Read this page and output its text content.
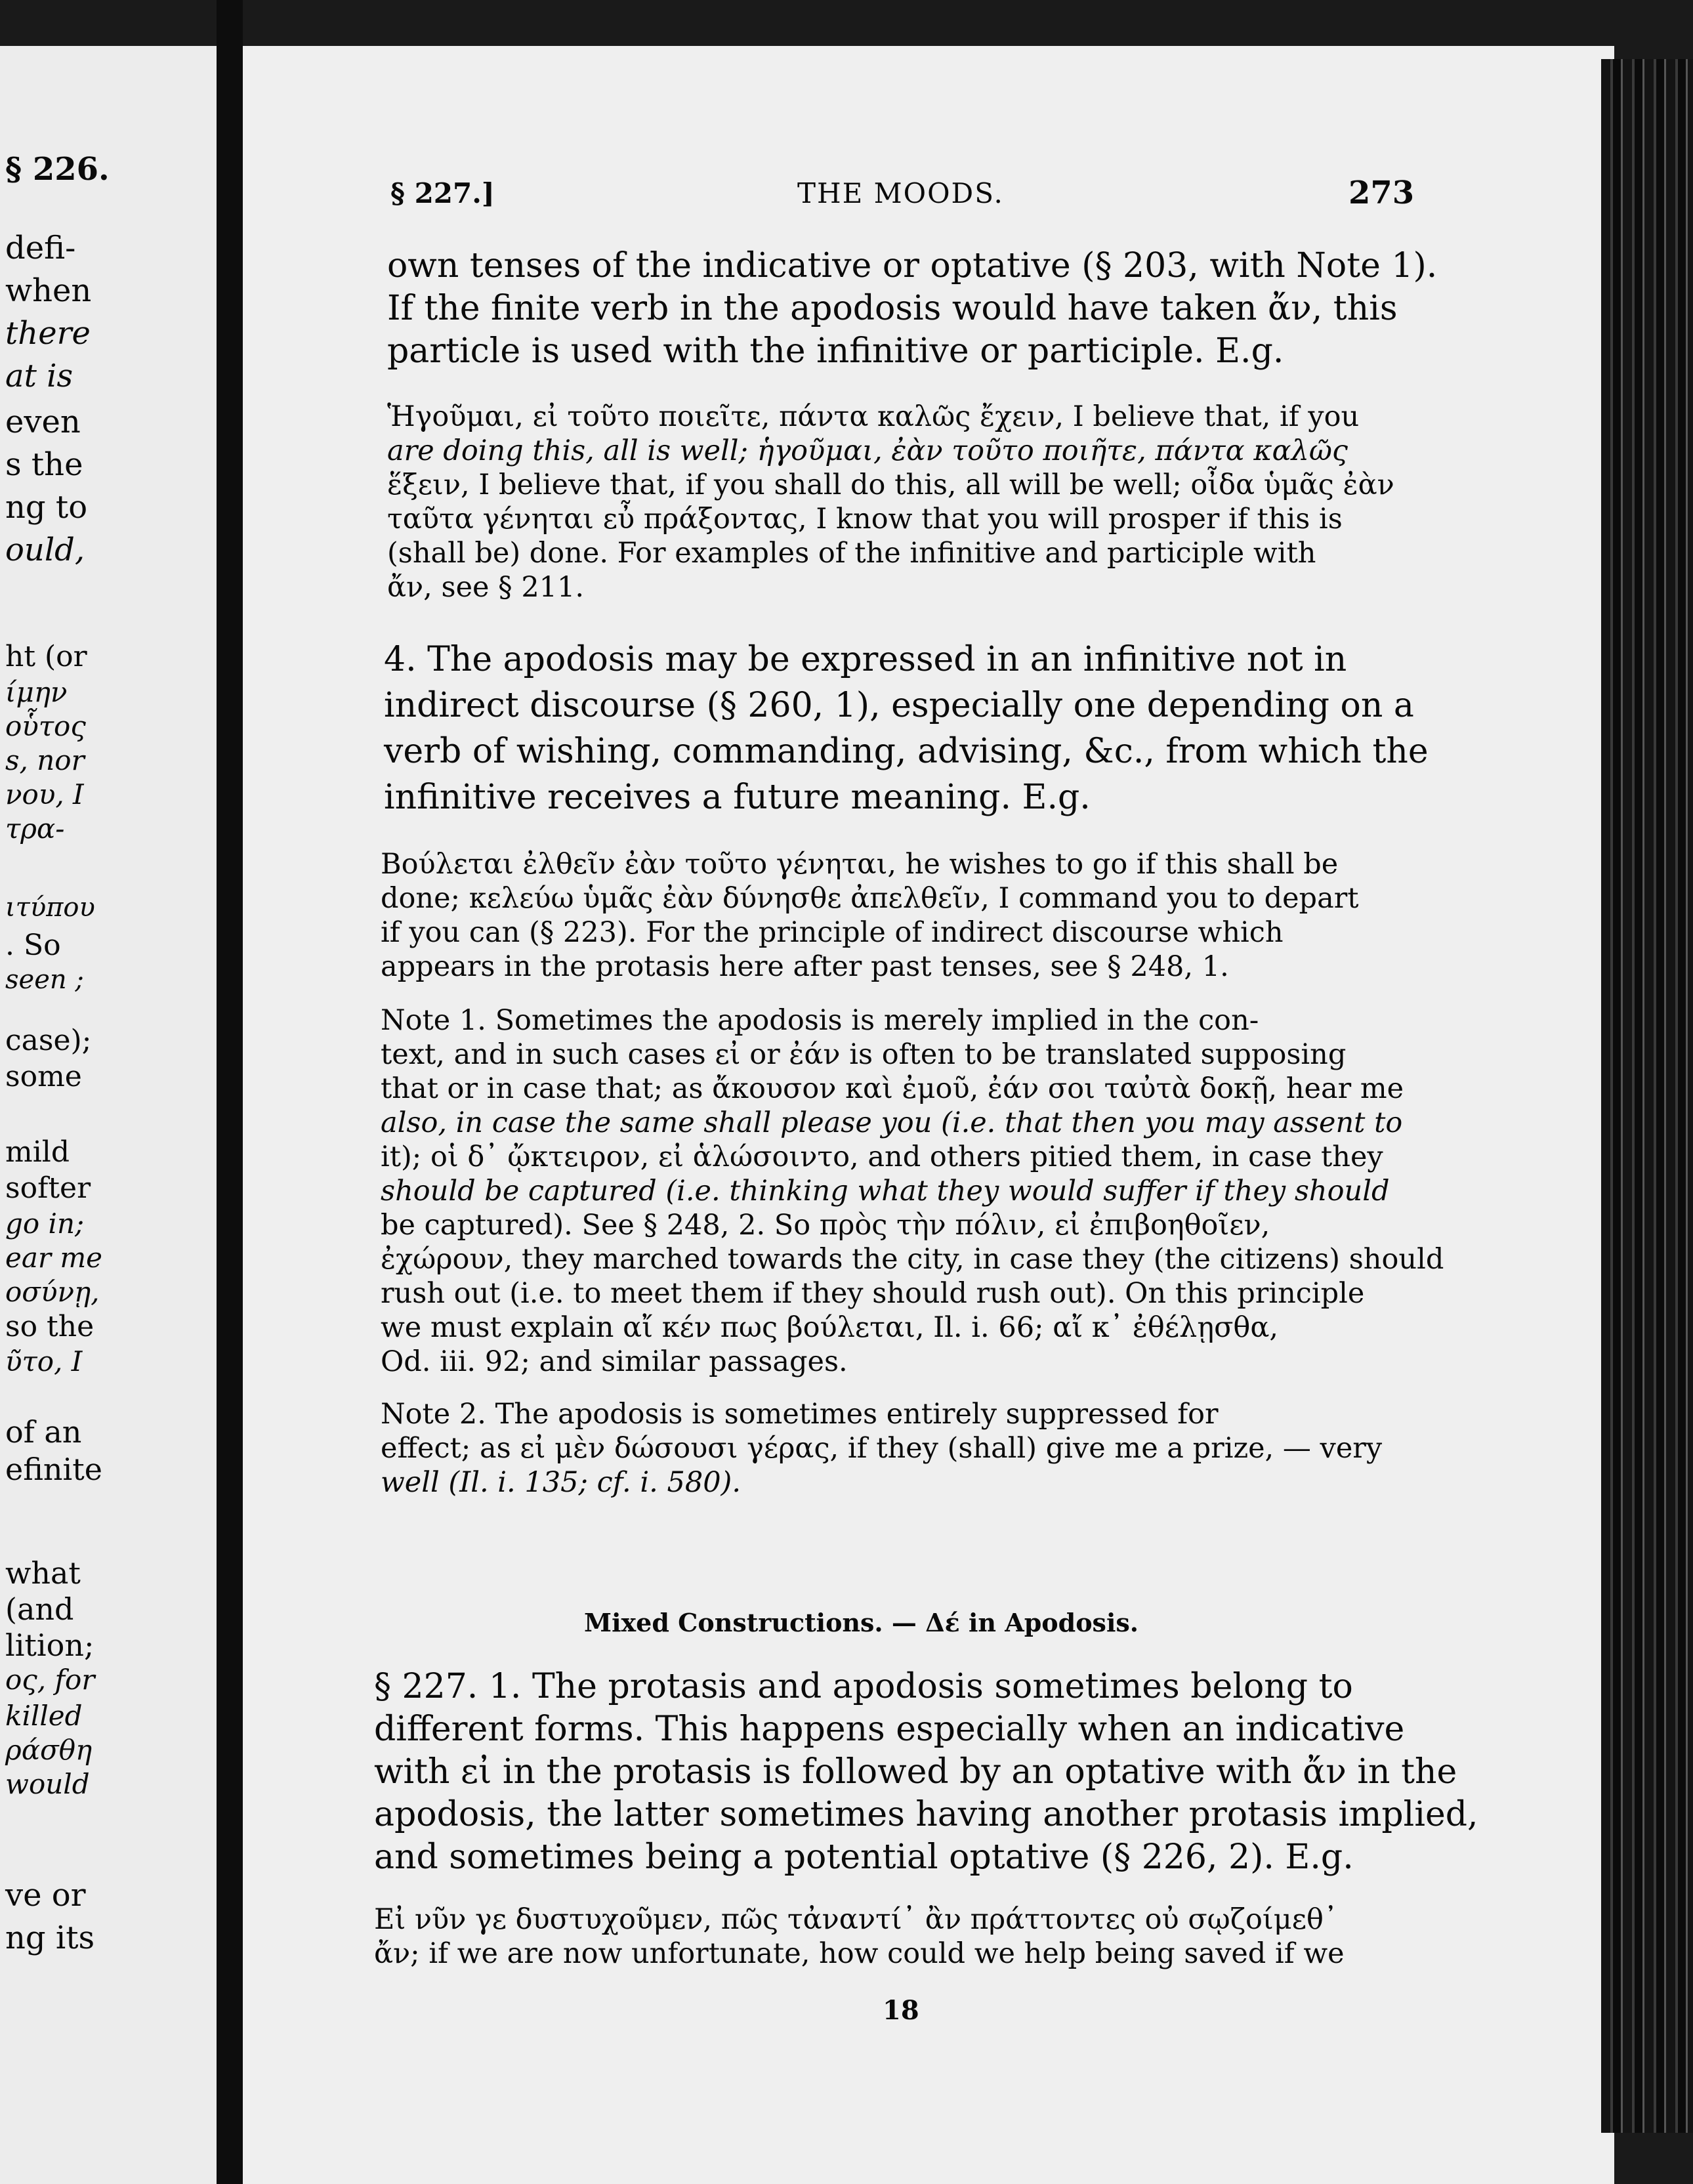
§ 226.
defi-
when
there
at is
even
s the
ng to
ould,
ht (or
ίμην
οὗτος
s, nor
νου, I
τρα-
ιτύπου
. So
seen ;
case);
some
mild
softer
go in;
ear me
οσύνῃ,
so the
ῦτο, I
of an
efinite
what
(and
lition;
ος, for
killed
ράσθη
would
ve or
ng its
§ 227.]	THE MOODS.	273
own tenses of the indicative or optative (§ 203, with Note 1).
If the finite verb in the apodosis would have taken ἄν, this
particle is used with the infinitive or participle. E.g.
Ἡγοῦμαι, εἰ τοῦτο ποιεῖτε, πάντα καλῶς ἔχειν, I believe that, if you
are doing this, all is well; ἡγοῦμαι, ἐὰν τοῦτο ποιῆτε, πάντα καλῶς
ἕξειν, I believe that, if you shall do this, all will be well; οἶδα ὑμᾶς ἐὰν
ταῦτα γένηται εὖ πράξοντας, I know that you will prosper if this is
(shall be) done. For examples of the infinitive and participle with
ἄν, see § 211.
4. The apodosis may be expressed in an infinitive not in
indirect discourse (§ 260, 1), especially one depending on a
verb of wishing, commanding, advising, &c., from which the
infinitive receives a future meaning. E.g.
Βούλεται ἐλθεῖν ἐὰν τοῦτο γένηται, he wishes to go if this shall be
done; κελεύω ὑμᾶς ἐὰν δύνησθε ἀπελθεῖν, I command you to depart
if you can (§ 223). For the principle of indirect discourse which
appears in the protasis here after past tenses, see § 248, 1.
Note 1. Sometimes the apodosis is merely implied in the con-
text, and in such cases εἰ or ἐάν is often to be translated supposing
that or in case that; as ἄκουσον καὶ ἐμοῦ, ἐάν σοι ταὐτὰ δοκῇ, hear me
also, in case the same shall please you (i.e. that then you may assent to
it); οἱ δ᾽ ᾤκτειρον, εἰ ἁλώσοιντο, and others pitied them, in case they
should be captured (i.e. thinking what they would suffer if they should
be captured). See § 248, 2. So πρὸς τὴν πόλιν, εἰ ἐπιβοηθοῖεν,
ἐχώρουν, they marched towards the city, in case they (the citizens) should
rush out (i.e. to meet them if they should rush out). On this principle
we must explain αἴ κέν πως βούλεται, Il. i. 66; αἴ κ᾽ ἐθέλῃσθα,
Od. iii. 92; and similar passages.
Note 2. The apodosis is sometimes entirely suppressed for
effect; as εἰ μὲν δώσουσι γέρας, if they (shall) give me a prize, — very
well (Il. i. 135; cf. i. 580).
Mixed Constructions. — Δέ in Apodosis.
§ 227. 1. The protasis and apodosis sometimes belong to
different forms. This happens especially when an indicative
with εἰ in the protasis is followed by an optative with ἄν in the
apodosis, the latter sometimes having another protasis implied,
and sometimes being a potential optative (§ 226, 2). E.g.
Εἰ νῦν γε δυστυχοῦμεν, πῶς τἀναντί᾽ ἂν πράττοντες οὐ σῳζοίμεθ᾽
ἄν; if we are now unfortunate, how could we help being saved if we
18
